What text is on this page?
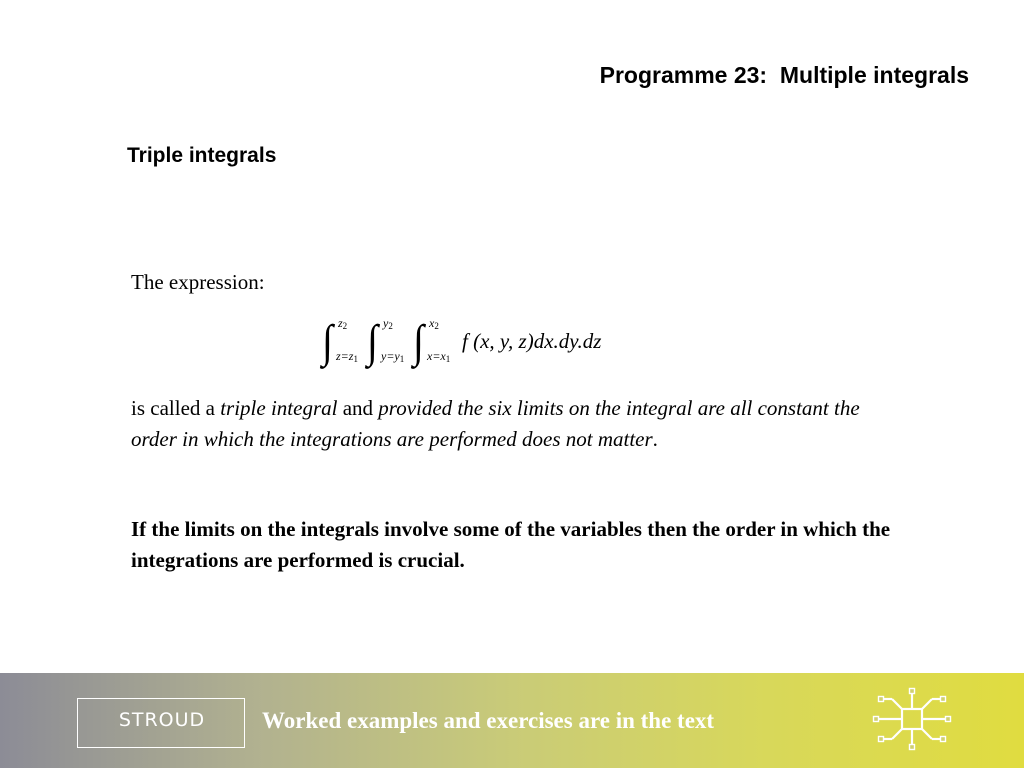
Programme 23:  Multiple integrals
Triple integrals
The expression:
∫ $z_2$
$z=z_1$ ∫ $y_2$
$y=y_1$ ∫ $x_2$
$x=x_1$
f (x, y, z)dx.dy.dz
is called a triple integral and provided the six limits on the integral are all constant the order in which the integrations are performed does not matter.
If the limits on the integrals involve some of the variables then the order in which the integrations are performed is crucial.
STROUD	Worked examples and exercises are in the text
